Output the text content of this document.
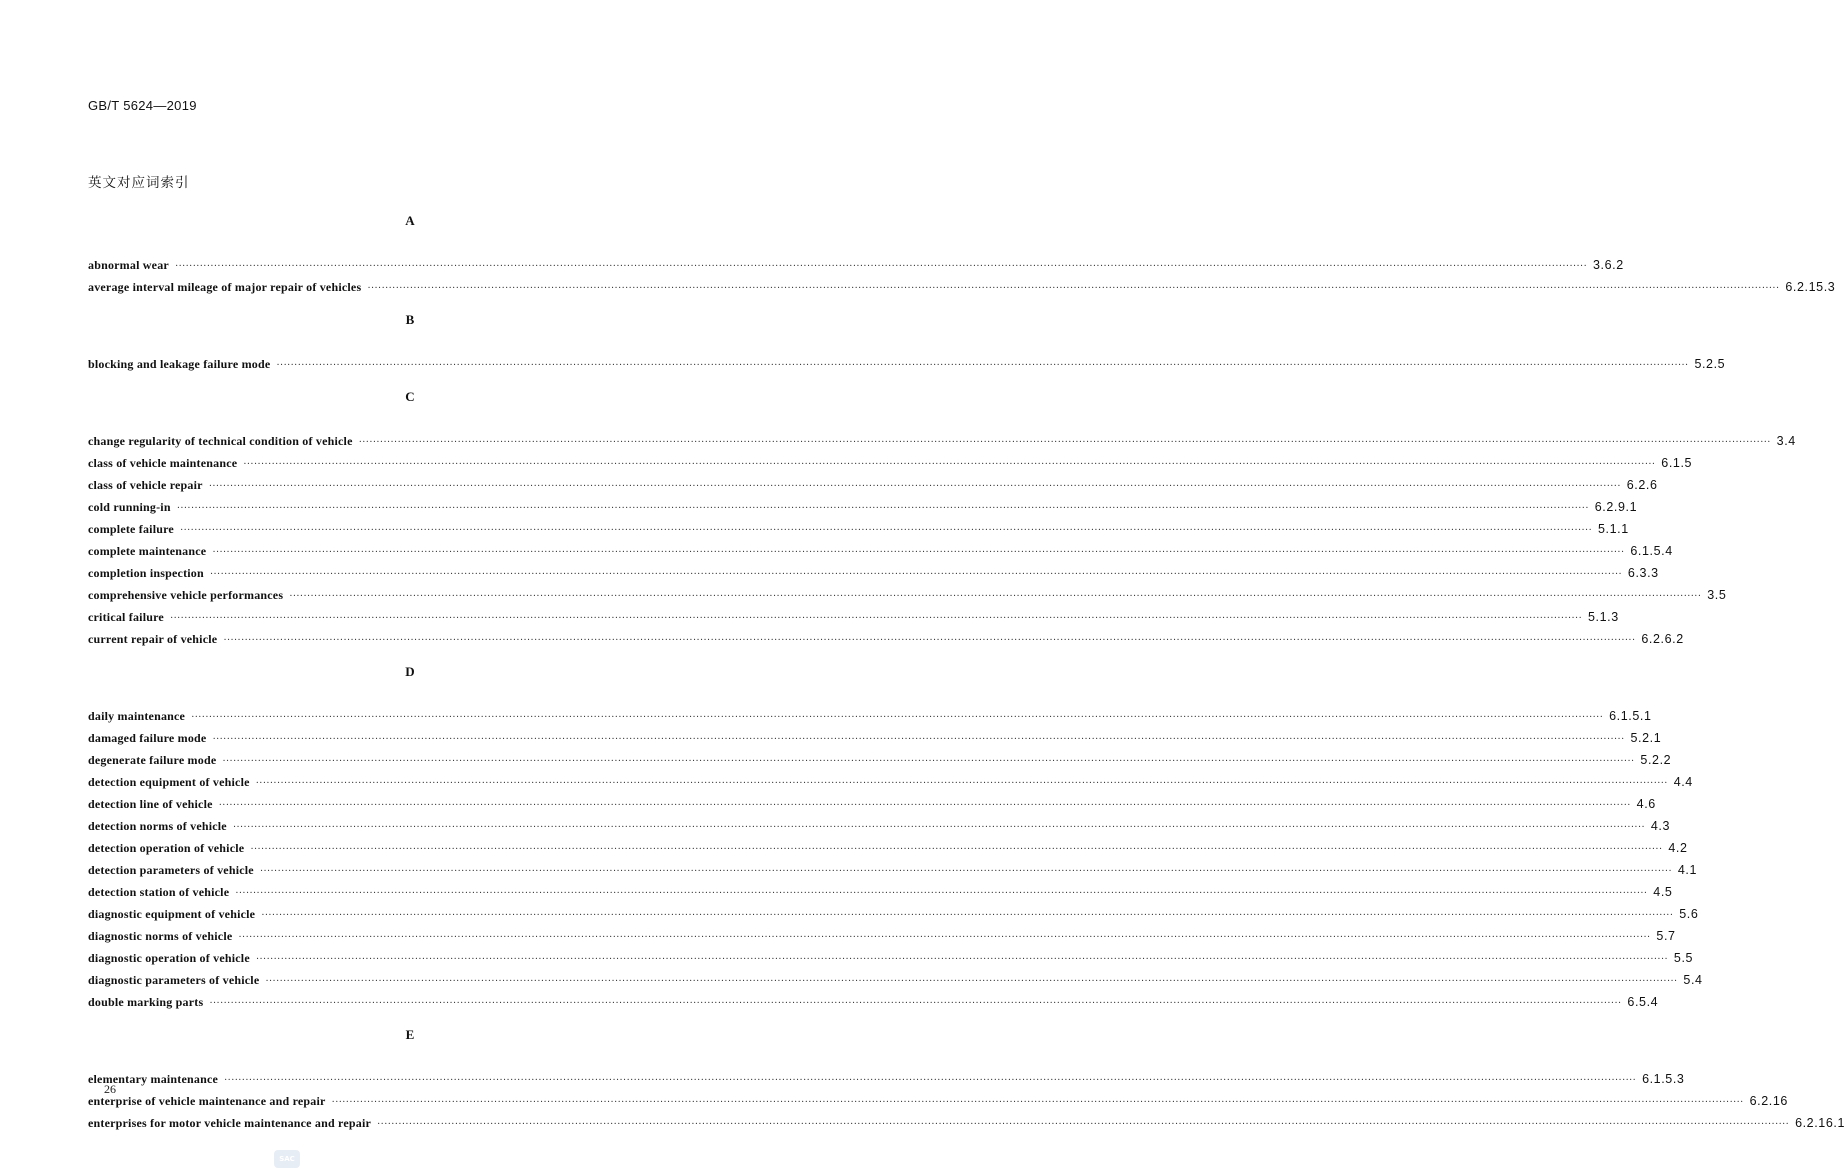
GB/T 5624—2019
英文对应词索引
A
abnormal wear ················································································································································································································································································································································································································ 3.6.2
average interval mileage of major repair of vehicles ················································································································································································································································································································································································································ 6.2.15.3
B
blocking and leakage failure mode ················································································································································································································································································································································································································ 5.2.5
C
change regularity of technical condition of vehicle ················································································································································································································································································································································································································ 3.4
class of vehicle maintenance ················································································································································································································································································································································································································ 6.1.5
class of vehicle repair ················································································································································································································································································································································································································ 6.2.6
cold running-in ················································································································································································································································································································································································································ 6.2.9.1
complete failure ················································································································································································································································································································································································································ 5.1.1
complete maintenance ················································································································································································································································································································································································································ 6.1.5.4
completion inspection ················································································································································································································································································································································································································ 6.3.3
comprehensive vehicle performances ················································································································································································································································································································································································································ 3.5
critical failure ················································································································································································································································································································································································································ 5.1.3
current repair of vehicle ················································································································································································································································································································································································································ 6.2.6.2
D
daily maintenance ················································································································································································································································································································································································································ 6.1.5.1
damaged failure mode ················································································································································································································································································································································································································ 5.2.1
degenerate failure mode ················································································································································································································································································································································································································ 5.2.2
detection equipment of vehicle ················································································································································································································································································································································································································ 4.4
detection line of vehicle ················································································································································································································································································································································································································ 4.6
detection norms of vehicle ················································································································································································································································································································································································································ 4.3
detection operation of vehicle ················································································································································································································································································································································································································ 4.2
detection parameters of vehicle ················································································································································································································································································································································································································ 4.1
detection station of vehicle ················································································································································································································································································································································································································ 4.5
diagnostic equipment of vehicle ················································································································································································································································································································································································································ 5.6
diagnostic norms of vehicle ················································································································································································································································································································································································································ 5.7
diagnostic operation of vehicle ················································································································································································································································································································································································································ 5.5
diagnostic parameters of vehicle ················································································································································································································································································································································································································ 5.4
double marking parts ················································································································································································································································································································································································································ 6.5.4
E
elementary maintenance ················································································································································································································································································································································································································ 6.1.5.3
enterprise of vehicle maintenance and repair ················································································································································································································································································································································································································ 6.2.16
enterprises for motor vehicle maintenance and repair ················································································································································································································································································································································································································ 6.2.16.1
26
SAC
